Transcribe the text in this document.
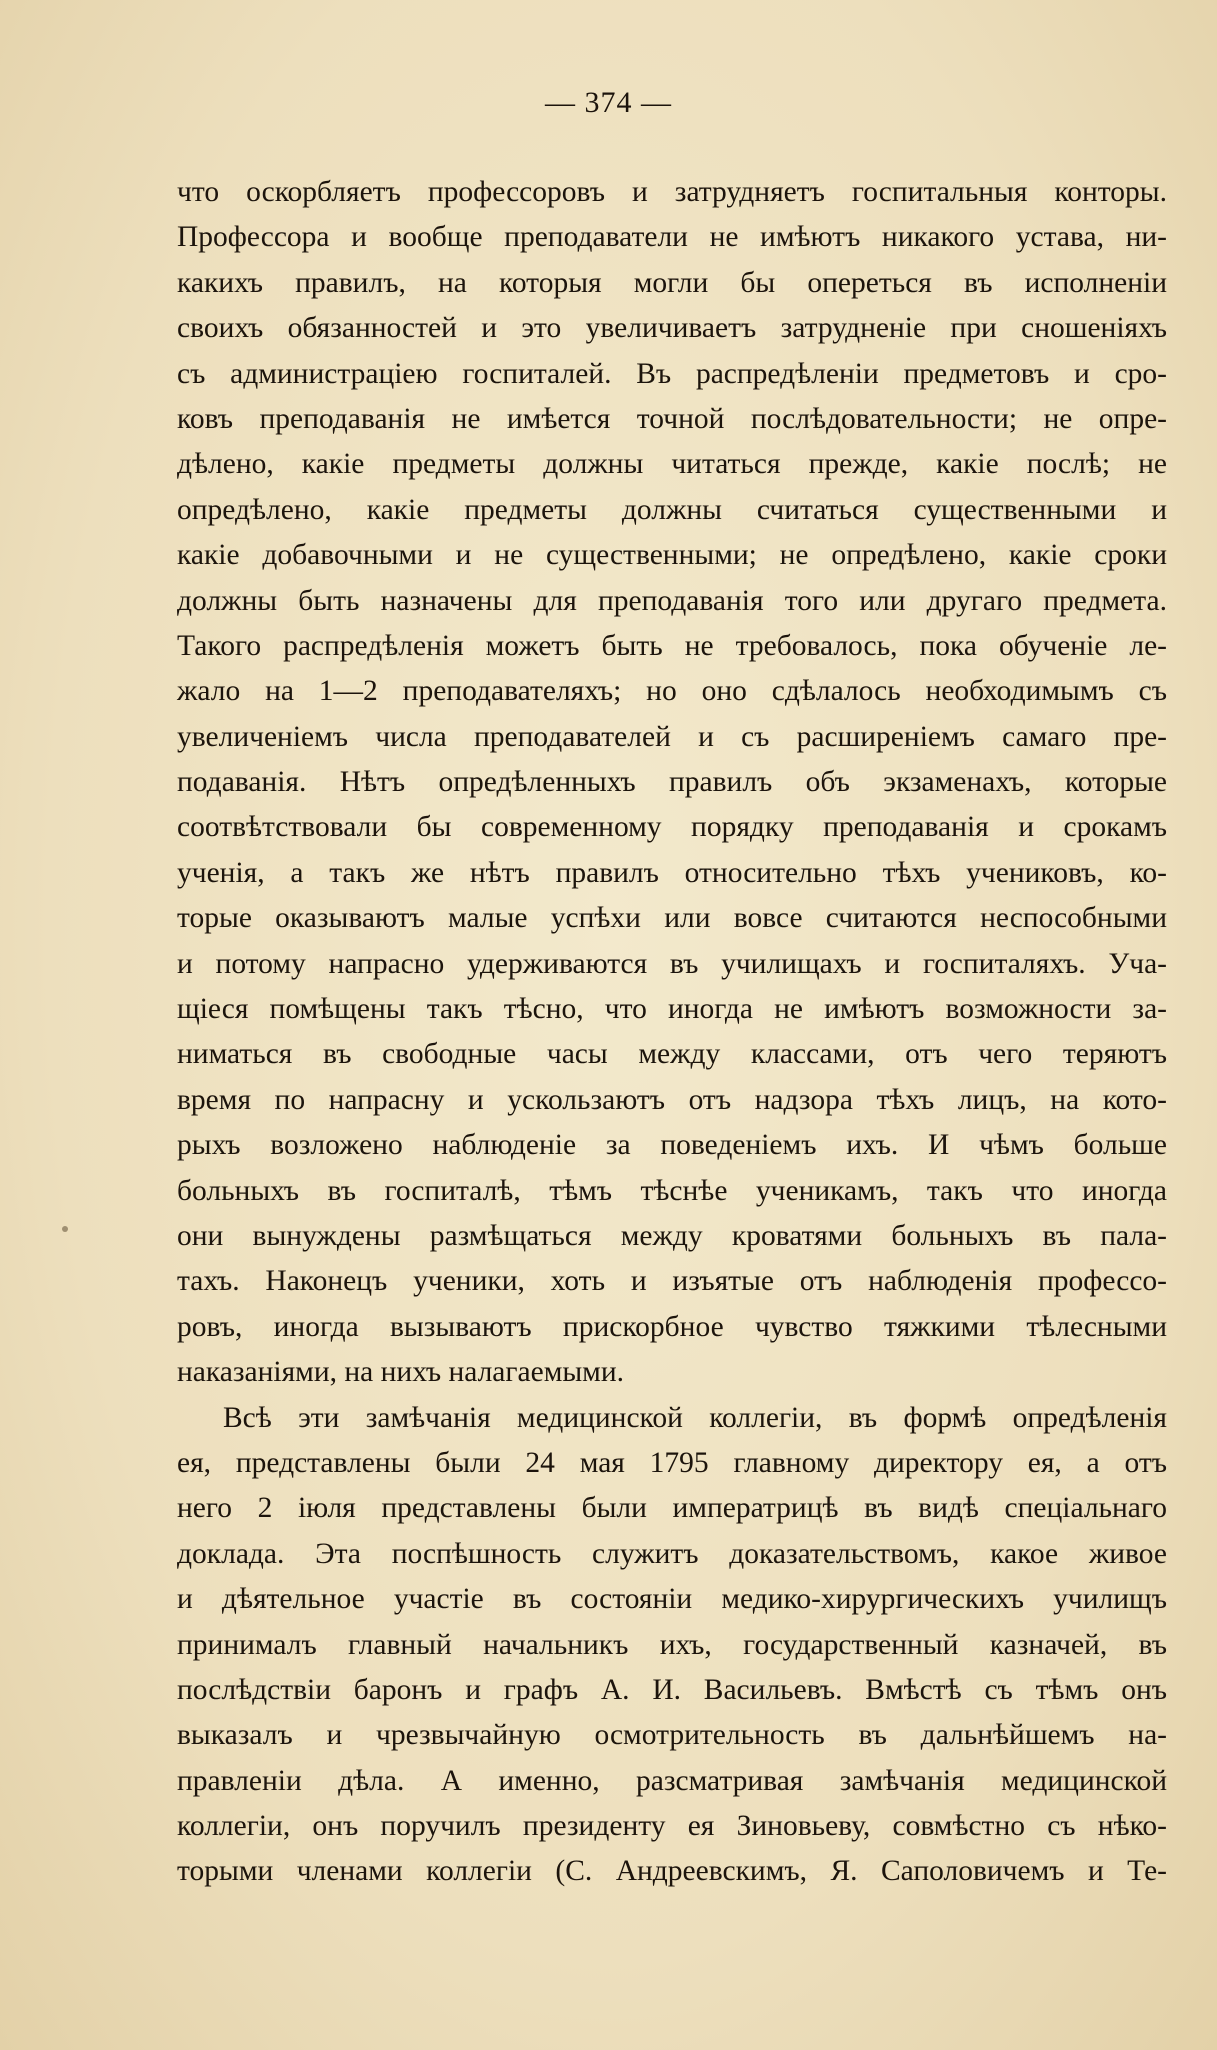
— 374 —
что оскорбляетъ профессоровъ и затрудняетъ госпитальныя конторы.
Профессора и вообще преподаватели не имѣютъ никакого устава, ни-
какихъ правилъ, на которыя могли бы опереться въ исполненіи
своихъ обязанностей и это увеличиваетъ затрудненіе при сношеніяхъ
съ администраціею госпиталей. Въ распредѣленіи предметовъ и сро-
ковъ преподаванія не имѣется точной послѣдовательности; не опре-
дѣлено, какіе предметы должны читаться прежде, какіе послѣ; не
опредѣлено, какіе предметы должны считаться существенными и
какіе добавочными и не существенными; не опредѣлено, какіе сроки
должны быть назначены для преподаванія того или другаго предмета.
Такого распредѣленія можетъ быть не требовалось, пока обученіе ле-
жало на 1—2 преподавателяхъ; но оно сдѣлалось необходимымъ съ
увеличеніемъ числа преподавателей и съ расширеніемъ самаго пре-
подаванія. Нѣтъ опредѣленныхъ правилъ объ экзаменахъ, которые
соотвѣтствовали бы современному порядку преподаванія и срокамъ
ученія, а такъ же нѣтъ правилъ относительно тѣхъ учениковъ, ко-
торые оказываютъ малые успѣхи или вовсе считаются неспособными
и потому напрасно удерживаются въ училищахъ и госпиталяхъ. Уча-
щіеся помѣщены такъ тѣсно, что иногда не имѣютъ возможности за-
ниматься въ свободные часы между классами, отъ чего теряютъ
время по напрасну и ускользаютъ отъ надзора тѣхъ лицъ, на кото-
рыхъ возложено наблюденіе за поведеніемъ ихъ. И чѣмъ больше
больныхъ въ госпиталѣ, тѣмъ тѣснѣе ученикамъ, такъ что иногда
они вынуждены размѣщаться между кроватями больныхъ въ пала-
тахъ. Наконецъ ученики, хоть и изъятые отъ наблюденія профессо-
ровъ, иногда вызываютъ прискорбное чувство тяжкими тѣлесными
наказаніями, на нихъ налагаемыми.
Всѣ эти замѣчанія медицинской коллегіи, въ формѣ опредѣленія
ея, представлены были 24 мая 1795 главному директору ея, а отъ
него 2 іюля представлены были императрицѣ въ видѣ спеціальнаго
доклада. Эта поспѣшность служитъ доказательствомъ, какое живое
и дѣятельное участіе въ состояніи медико-хирургическихъ училищъ
принималъ главный начальникъ ихъ, государственный казначей, въ
послѣдствіи баронъ и графъ А. И. Васильевъ. Вмѣстѣ съ тѣмъ онъ
выказалъ и чрезвычайную осмотрительность въ дальнѣйшемъ на-
правленіи дѣла. А именно, разсматривая замѣчанія медицинской
коллегіи, онъ поручилъ президенту ея Зиновьеву, совмѣстно съ нѣко-
торыми членами коллегіи (С. Андреевскимъ, Я. Саполовичемъ и Те-
